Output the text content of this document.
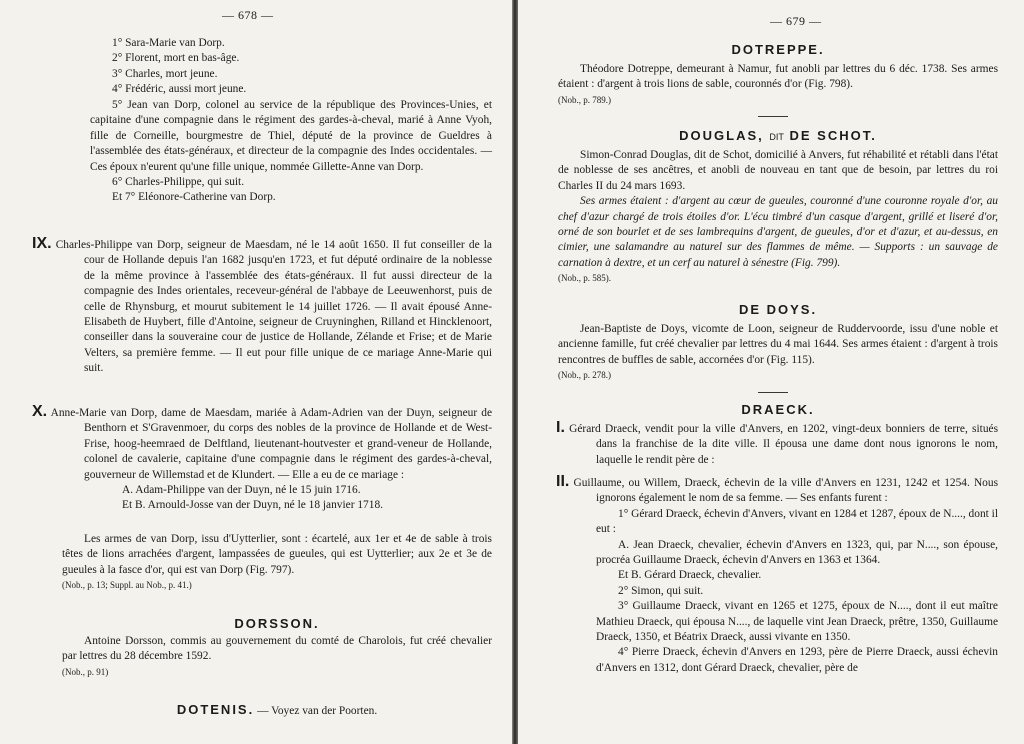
— 678 —

1° Sara-Marie van Dorp.

2° Florent, mort en bas-âge.

3° Charles, mort jeune.

4° Frédéric, aussi mort jeune.

5° Jean van Dorp, colonel au service de la république des Provinces-Unies, et capitaine d'une compagnie dans le régiment des gardes-à-cheval, marié à Anne Vyoh, fille de Corneille, bourgmestre de Thiel, député de la province de Gueldres à l'assemblée des états-généraux, et directeur de la compagnie des Indes occidentales. — Ces époux n'eurent qu'une fille unique, nommée Gillette-Anne van Dorp.

6° Charles-Philippe, qui suit.

Et 7° Eléonore-Catherine van Dorp.

IX. Charles-Philippe van Dorp, seigneur de Maesdam, né le 14 août 1650. Il fut conseiller de la cour de Hollande depuis l'an 1682 jusqu'en 1723, et fut député ordinaire de la noblesse de la même province à l'assemblée des états-généraux. Il fut aussi directeur de la compagnie des Indes orientales, receveur-général de l'abbaye de Leeuwenhorst, puis de celle de Rhynsburg, et mourut subitement le 14 juillet 1726. — Il avait épousé Anne-Elisabeth de Huybert, fille d'Antoine, seigneur de Cruyninghen, Rilland et Hincklenoort, conseiller dans la souveraine cour de justice de Hollande, Zélande et Frise; et de Marie Velters, sa première femme. — Il eut pour fille unique de ce mariage Anne-Marie qui suit.

X. Anne-Marie van Dorp, dame de Maesdam, mariée à Adam-Adrien van der Duyn, seigneur de Benthorn et S'Gravenmoer, du corps des nobles de la province de Hollande et de West-Frise, hoog-heemraed de Delftland, lieutenant-houtvester et grand-veneur de Hollande, colonel de cavalerie, capitaine d'une compagnie dans le régiment des gardes-à-cheval, gouverneur de Willemstad et de Klundert. — Elle a eu de ce mariage :

A. Adam-Philippe van der Duyn, né le 15 juin 1716.

Et B. Arnould-Josse van der Duyn, né le 18 janvier 1718.

Les armes de van Dorp, issu d'Uytterlier, sont : écartelé, aux 1er et 4e de sable à trois têtes de lions arrachées d'argent, lampassées de gueules, qui est Uytterlier; aux 2e et 3e de gueules à la fasce d'or, qui est van Dorp (Fig. 797).

(Nob., p. 13; Suppl. au Nob., p. 41.)

DORSSON.

Antoine Dorsson, commis au gouvernement du comté de Charolois, fut créé chevalier par lettres du 28 décembre 1592.

(Nob., p. 91)

DOTENIS. — Voyez van der Poorten.
— 679 —
DOTREPPE.

Théodore Dotreppe, demeurant à Namur, fut anobli par lettres du 6 déc. 1738. Ses armes étaient : d'argent à trois lions de sable, couronnés d'or (Fig. 798).

(Nob., p. 789.)

DOUGLAS, DIT DE SCHOT.

Simon-Conrad Douglas, dit de Schot, domicilié à Anvers, fut réhabilité et rétabli dans l'état de noblesse de ses ancêtres, et anobli de nouveau en tant que de besoin, par lettres du roi Charles II du 24 mars 1693.

Ses armes étaient : d'argent au cœur de gueules, couronné d'une couronne royale d'or, au chef d'azur chargé de trois étoiles d'or. L'écu timbré d'un casque d'argent, grillé et liseré d'or, orné de son bourlet et de ses lambrequins d'argent, de gueules, d'or et d'azur, et au-dessus, en cimier, une salamandre au naturel sur des flammes de même. — Supports : un sauvage de carnation à dextre, et un cerf au naturel à sénestre (Fig. 799).

(Nob., p. 585).

DE DOYS.

Jean-Baptiste de Doys, vicomte de Loon, seigneur de Ruddervoorde, issu d'une noble et ancienne famille, fut créé chevalier par lettres du 4 mai 1644. Ses armes étaient : d'argent à trois rencontres de buffles de sable, accornées d'or (Fig. 115).

(Nob., p. 278.)

DRAECK.

I. Gérard Draeck, vendit pour la ville d'Anvers, en 1202, vingt-deux bonniers de terre, situés dans la franchise de la dite ville. Il épousa une dame dont nous ignorons le nom, laquelle le rendit père de :

II. Guillaume, ou Willem, Draeck, échevin de la ville d'Anvers en 1231, 1242 et 1254. Nous ignorons également le nom de sa femme. — Ses enfants furent :

1° Gérard Draeck, échevin d'Anvers, vivant en 1284 et 1287, époux de N...., dont il eut :

A. Jean Draeck, chevalier, échevin d'Anvers en 1323, qui, par N...., son épouse, procréa Guillaume Draeck, échevin d'Anvers en 1363 et 1364.

Et B. Gérard Draeck, chevalier.

2° Simon, qui suit.

3° Guillaume Draeck, vivant en 1265 et 1275, époux de N...., dont il eut maître Mathieu Draeck, qui épousa N...., de laquelle vint Jean Draeck, prêtre, 1350, Guillaume Draeck, 1350, et Béatrix Draeck, aussi vivante en 1350.

4° Pierre Draeck, échevin d'Anvers en 1293, père de Pierre Draeck, aussi échevin d'Anvers en 1312, dont Gérard Draeck, chevalier, père de
